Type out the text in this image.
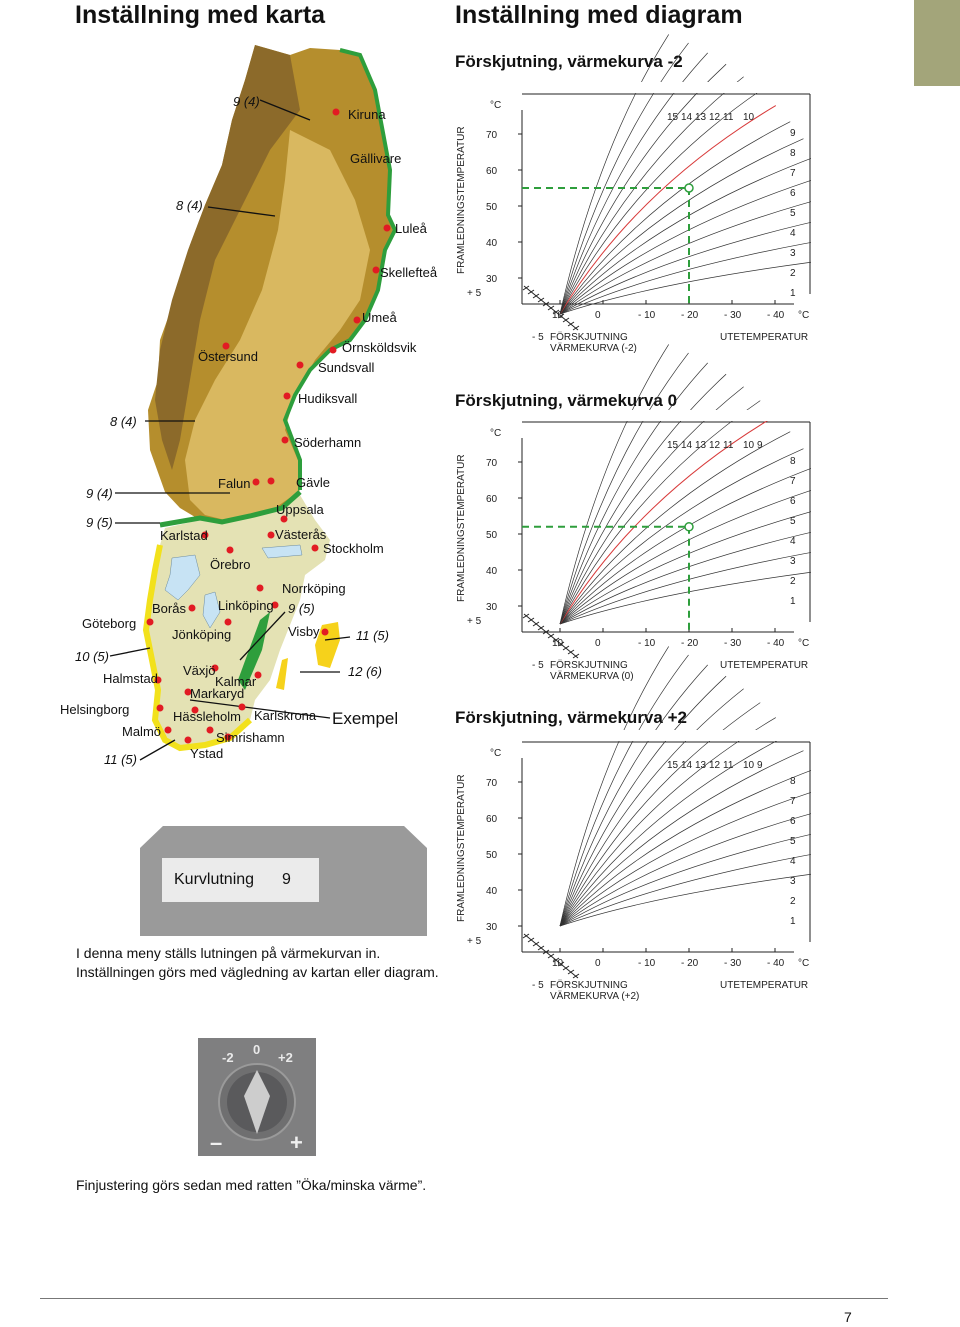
Inställning med karta	Inställning med diagram
Kiruna
Gällivare
Luleå
Skellefteå
Umeå
Östersund
Örnsköldsvik
Sundsvall
Hudiksvall
Söderhamn
Falun	Gävle
Uppsala
Karlstad	Västerås
Stockholm
Örebro
Norrköping
Borås Linköping
Göteborg
Jönköping	Visby
Växjö
Kalmar
Halmstad
Markaryd
Helsingborg	Hässleholm Karlskrona
Malmö	Simrishamn
Ystad
9 (4)
8 (4)
8 (4)
9 (4)
9 (5)
9 (5)
11 (5)
12 (6)
10 (5)
11 (5)
Exempel
Kurvlutning 9
I denna meny ställs lutningen på värmekurvan in.
Inställningen görs med vägledning av kartan eller diagram.
-2
0
+2
–	+
Finjustering görs sedan med ratten ”Öka/minska värme”.
7
Förskjutning, värmekurva -2
Förskjutning, värmekurva 0
Förskjutning, värmekurva +2
FRAMLEDNINGSTEMPERATUR
°C
70
60
50
40
30
+ 5
- 5
10	0	- 10	- 20	- 30	- 40 °C
FÖRSKJUTNING
VÄRMEKURVA (-2)
UTETEMPERATUR
15 14 13 12 11 10
9
8
7
6
5
4
3
2
1
FRAMLEDNINGSTEMPERATUR
°C
70
60
50
40
30
+ 5
- 5
10	0	- 10	- 20	- 30	- 40 °C
FÖRSKJUTNING
VÄRMEKURVA (0)
UTETEMPERATUR
15 14 13 12 11 10 9
8
7
6
5
4
3
2
1
FRAMLEDNINGSTEMPERATUR
°C
70
60
50
40
30
+ 5
- 5
10	0	- 10	- 20	- 30	- 40 °C
FÖRSKJUTNING
VÄRMEKURVA (+2)
UTETEMPERATUR
15 14 13 12 11 10 9
8
7
6
5
4
3
2
1
